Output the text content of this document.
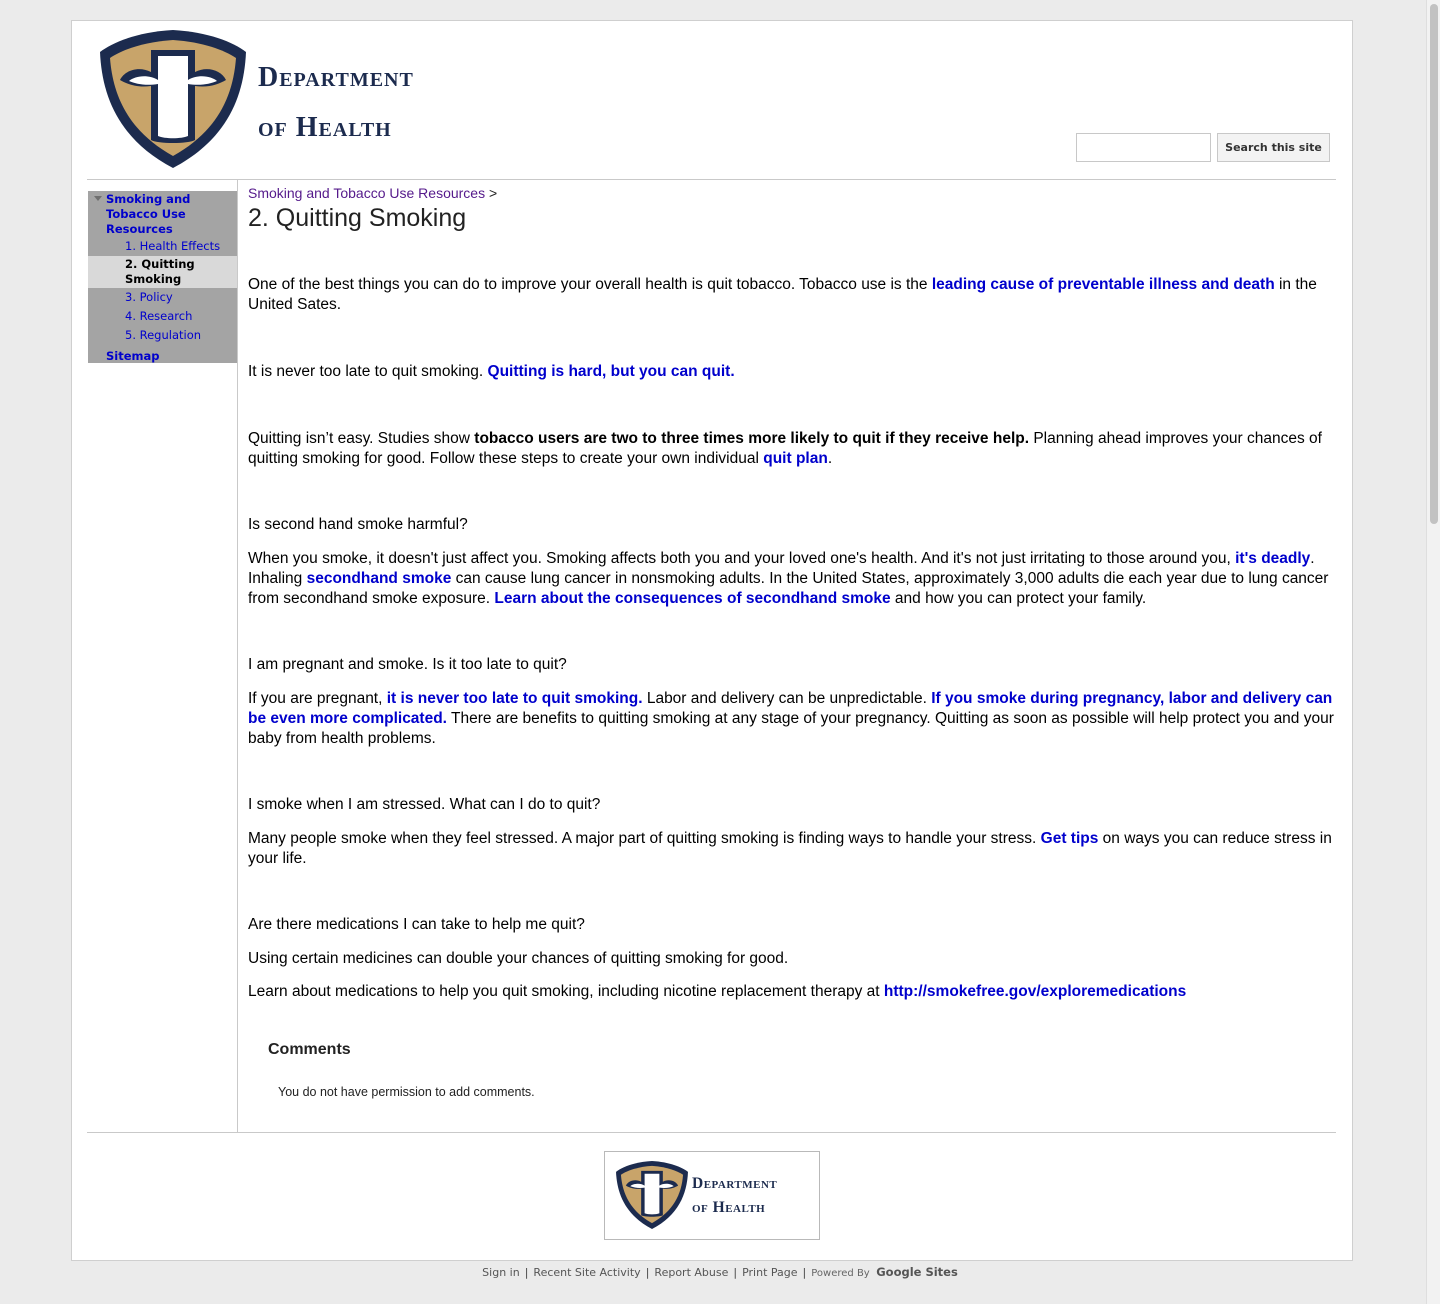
Department
of Health
Search this site
Smoking and Tobacco Use Resources
1. Health Effects
2. Quitting Smoking
3. Policy
4. Research
5. Regulation
Sitemap
Smoking and Tobacco Use Resources >
2. Quitting Smoking

One of the best things you can do to improve your overall health is quit tobacco. Tobacco use is the leading cause of preventable illness and death in the United Sates.

It is never too late to quit smoking. Quitting is hard, but you can quit.

Quitting isn’t easy. Studies show tobacco users are two to three times more likely to quit if they receive help. Planning ahead improves your chances of quitting smoking for good. Follow these steps to create your own individual quit plan.

Is second hand smoke harmful?

When you smoke, it doesn't just affect you. Smoking affects both you and your loved one's health. And it's not just irritating to those around you, it's deadly. Inhaling secondhand smoke can cause lung cancer in nonsmoking adults. In the United States, approximately 3,000 adults die each year due to lung cancer from secondhand smoke exposure. Learn about the consequences of secondhand smoke and how you can protect your family.

I am pregnant and smoke. Is it too late to quit?

If you are pregnant, it is never too late to quit smoking. Labor and delivery can be unpredictable. If you smoke during pregnancy, labor and delivery can be even more complicated. There are benefits to quitting smoking at any stage of your pregnancy. Quitting as soon as possible will help protect you and your baby from health problems.

I smoke when I am stressed. What can I do to quit?

Many people smoke when they feel stressed. A major part of quitting smoking is finding ways to handle your stress. Get tips on ways you can reduce stress in your life.

Are there medications I can take to help me quit?

Using certain medicines can double your chances of quitting smoking for good.

Learn about medications to help you quit smoking, including nicotine replacement therapy at http://smokefree.gov/exploremedications

Comments
You do not have permission to add comments.
Department
of Health
Sign in | Recent Site Activity | Report Abuse | Print Page | Powered By Google Sites
